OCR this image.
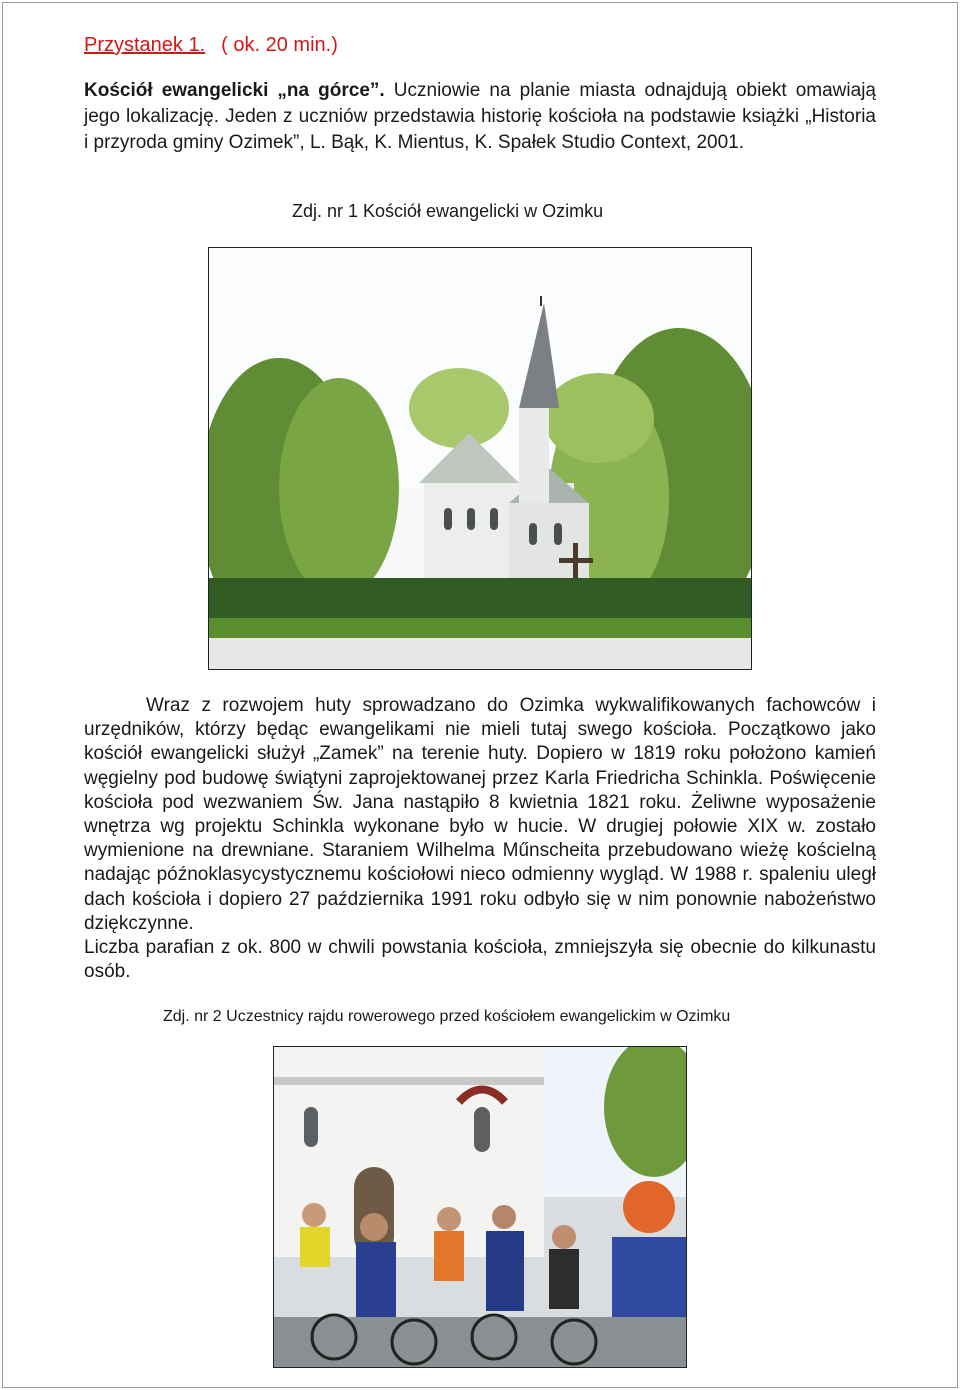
Przystanek 1. ( ok. 20 min.)
Kościół ewangelicki „na górce”. Uczniowie na planie miasta odnajdują obiekt omawiają jego lokalizację. Jeden z uczniów przedstawia historię kościoła na podstawie książki „Historia i przyroda gminy Ozimek”, L. Bąk, K. Mientus, K. Spałek Studio Context, 2001.
Zdj. nr 1 Kościół ewangelicki w Ozimku

Wraz z rozwojem huty sprowadzano do Ozimka wykwalifikowanych fachowców i urzędników, którzy będąc ewangelikami nie mieli tutaj swego kościoła. Początkowo jako kościół ewangelicki służył „Zamek” na terenie huty. Dopiero w 1819 roku położono kamień węgielny pod budowę świątyni zaprojektowanej przez Karla Friedricha Schinkla. Poświęcenie kościoła pod wezwaniem Św. Jana nastąpiło 8 kwietnia 1821 roku. Żeliwne wyposażenie wnętrza wg projektu Schinkla wykonane było w hucie. W drugiej połowie XIX w. zostało wymienione na drewniane. Staraniem Wilhelma Műnscheita przebudowano wieżę kościelną nadając późnoklasycystycznemu kościołowi nieco odmienny wygląd. W 1988 r. spaleniu uległ dach kościoła i dopiero 27 października 1991 roku odbyło się w nim ponownie nabożeństwo dziękczynne.

Liczba parafian z ok. 800 w chwili powstania kościoła, zmniejszyła się obecnie do kilkunastu osób.

Zdj. nr 2 Uczestnicy rajdu rowerowego przed kościołem ewangelickim w Ozimku
